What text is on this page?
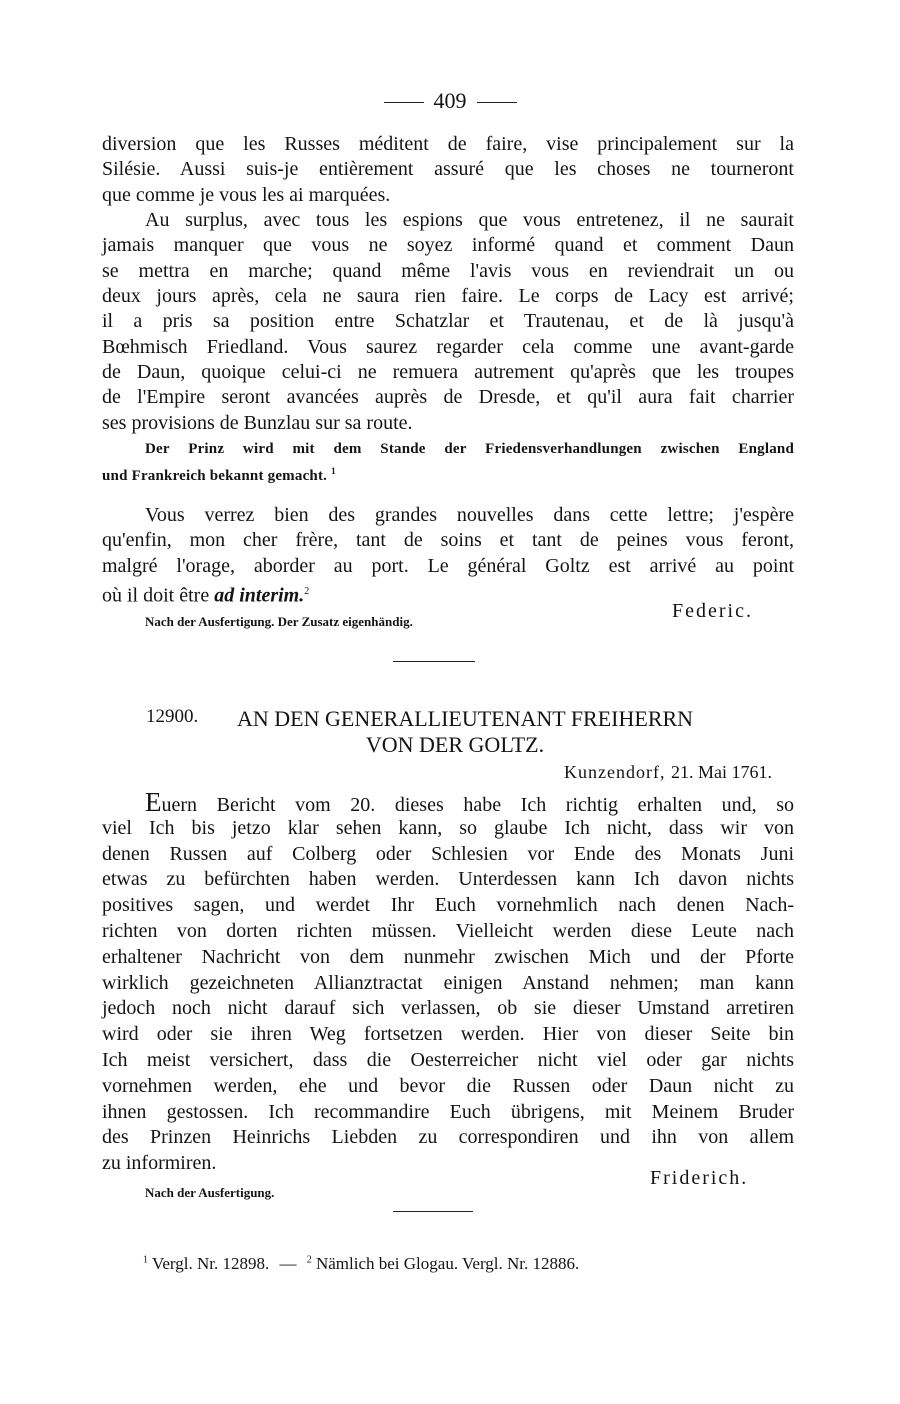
409
diversion que les Russes méditent de faire, vise principalement sur la
Silésie. Aussi suis-je entièrement assuré que les choses ne tourneront
que comme je vous les ai marquées.
Au surplus, avec tous les espions que vous entretenez, il ne saurait
jamais manquer que vous ne soyez informé quand et comment Daun
se mettra en marche; quand même l'avis vous en reviendrait un ou
deux jours après, cela ne saura rien faire. Le corps de Lacy est arrivé;
il a pris sa position entre Schatzlar et Trautenau, et de là jusqu'à
Bœhmisch Friedland. Vous saurez regarder cela comme une avant-garde
de Daun, quoique celui-ci ne remuera autrement qu'après que les troupes
de l'Empire seront avancées auprès de Dresde, et qu'il aura fait charrier
ses provisions de Bunzlau sur sa route.
Der Prinz wird mit dem Stande der Friedensverhandlungen zwischen England
und Frankreich bekannt gemacht. $^1$
Vous verrez bien des grandes nouvelles dans cette lettre; j'espère
qu'enfin, mon cher frère, tant de soins et tant de peines vous feront,
malgré l'orage, aborder au port. Le général Goltz est arrivé au point
où il doit être ad interim.$^2$
Nach der Ausfertigung. Der Zusatz eigenhändig.	Federic.
12900. AN DEN GENERALLIEUTENANT FREIHERRN
VON DER GOLTZ.
Kunzendorf, 21. Mai 1761.
Euern Bericht vom 20. dieses habe Ich richtig erhalten und, so
viel Ich bis jetzo klar sehen kann, so glaube Ich nicht, dass wir von
denen Russen auf Colberg oder Schlesien vor Ende des Monats Juni
etwas zu befürchten haben werden. Unterdessen kann Ich davon nichts
positives sagen, und werdet Ihr Euch vornehmlich nach denen Nach-
richten von dorten richten müssen. Vielleicht werden diese Leute nach
erhaltener Nachricht von dem nunmehr zwischen Mich und der Pforte
wirklich gezeichneten Allianztractat einigen Anstand nehmen; man kann
jedoch noch nicht darauf sich verlassen, ob sie dieser Umstand arretiren
wird oder sie ihren Weg fortsetzen werden. Hier von dieser Seite bin
Ich meist versichert, dass die Oesterreicher nicht viel oder gar nichts
vornehmen werden, ehe und bevor die Russen oder Daun nicht zu
ihnen gestossen. Ich recommandire Euch übrigens, mit Meinem Bruder
des Prinzen Heinrichs Liebden zu correspondiren und ihn von allem
zu informiren.
Nach der Ausfertigung.
Friderich.
$^1$ Vergl. Nr. 12898. — $^2$ Nämlich bei Glogau. Vergl. Nr. 12886.
